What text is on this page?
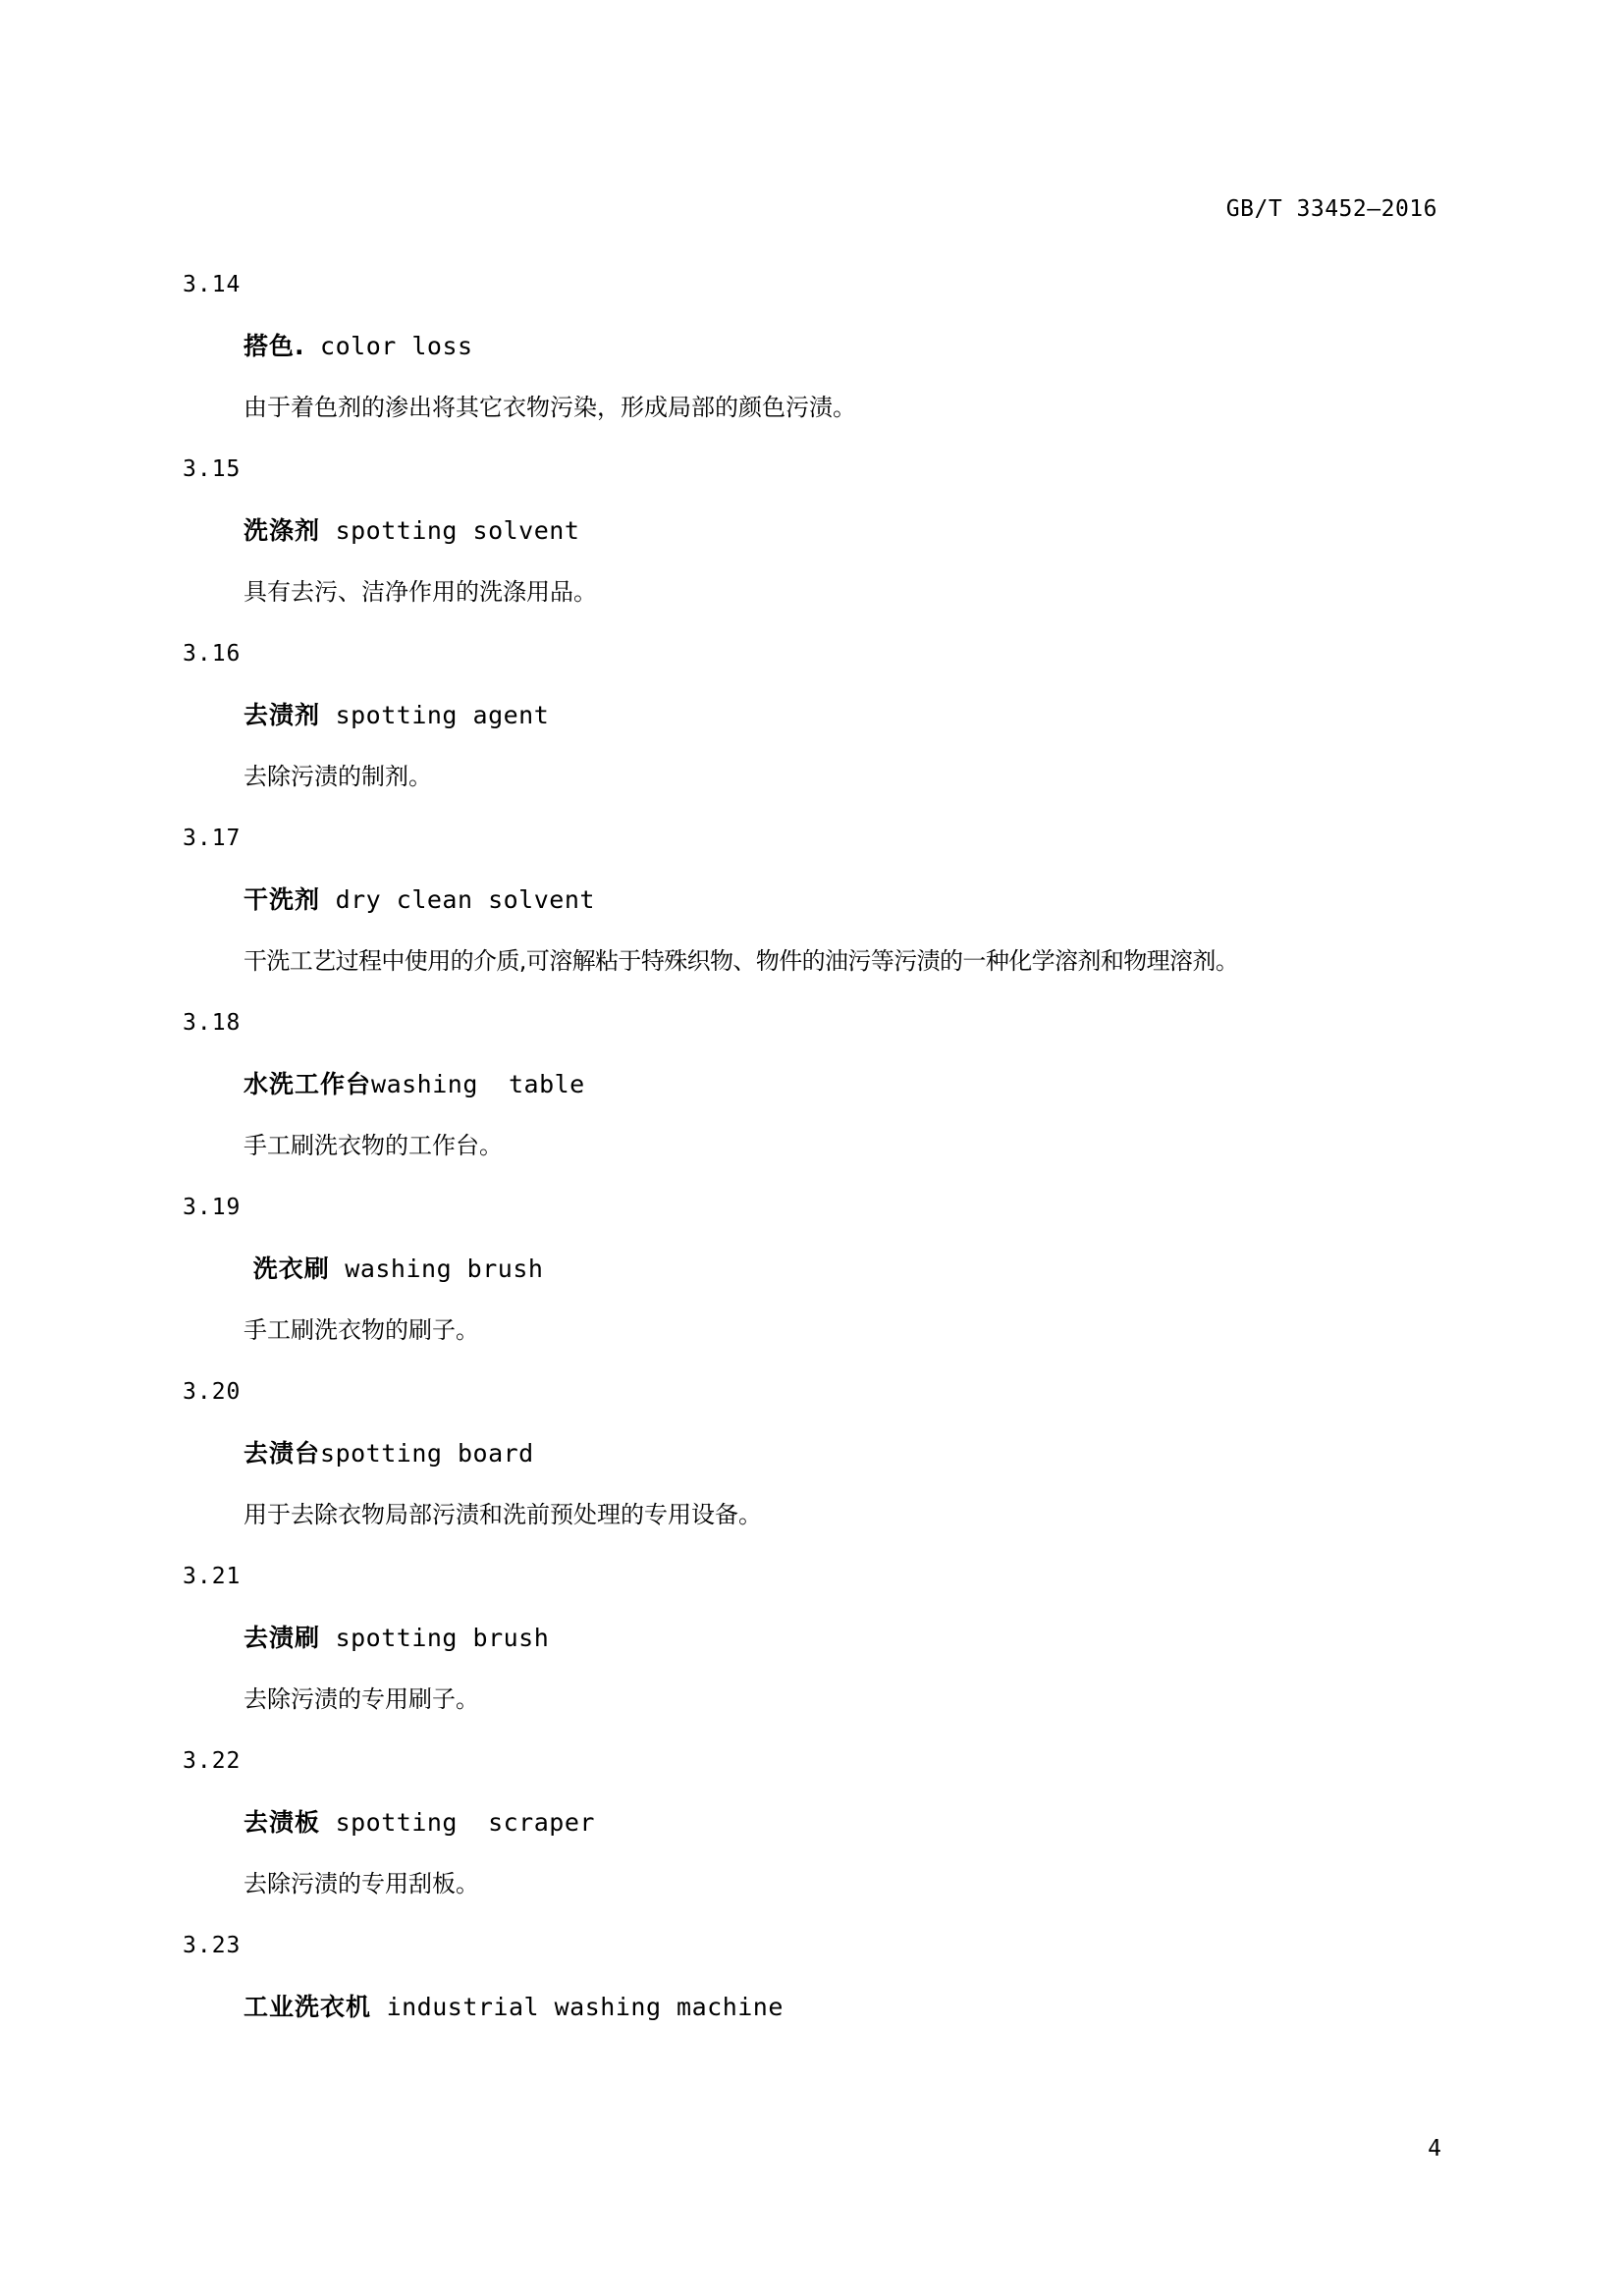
GB/T 33452—2016
3.14
搭色. color loss
由于着色剂的渗出将其它衣物污染，形成局部的颜色污渍。
3.15
洗涤剂 spotting solvent
具有去污、洁净作用的洗涤用品。
3.16
去渍剂 spotting agent
去除污渍的制剂。
3.17
干洗剂 dry clean solvent
干洗工艺过程中使用的介质,可溶解粘于特殊织物、物件的油污等污渍的一种化学溶剂和物理溶剂。
3.18
水洗工作台washing  table
手工刷洗衣物的工作台。
3.19
洗衣刷 washing brush
手工刷洗衣物的刷子。
3.20
去渍台spotting board
用于去除衣物局部污渍和洗前预处理的专用设备。
3.21
去渍刷 spotting brush
去除污渍的专用刷子。
3.22
去渍板 spotting  scraper
去除污渍的专用刮板。
3.23
工业洗衣机 industrial washing machine
4
